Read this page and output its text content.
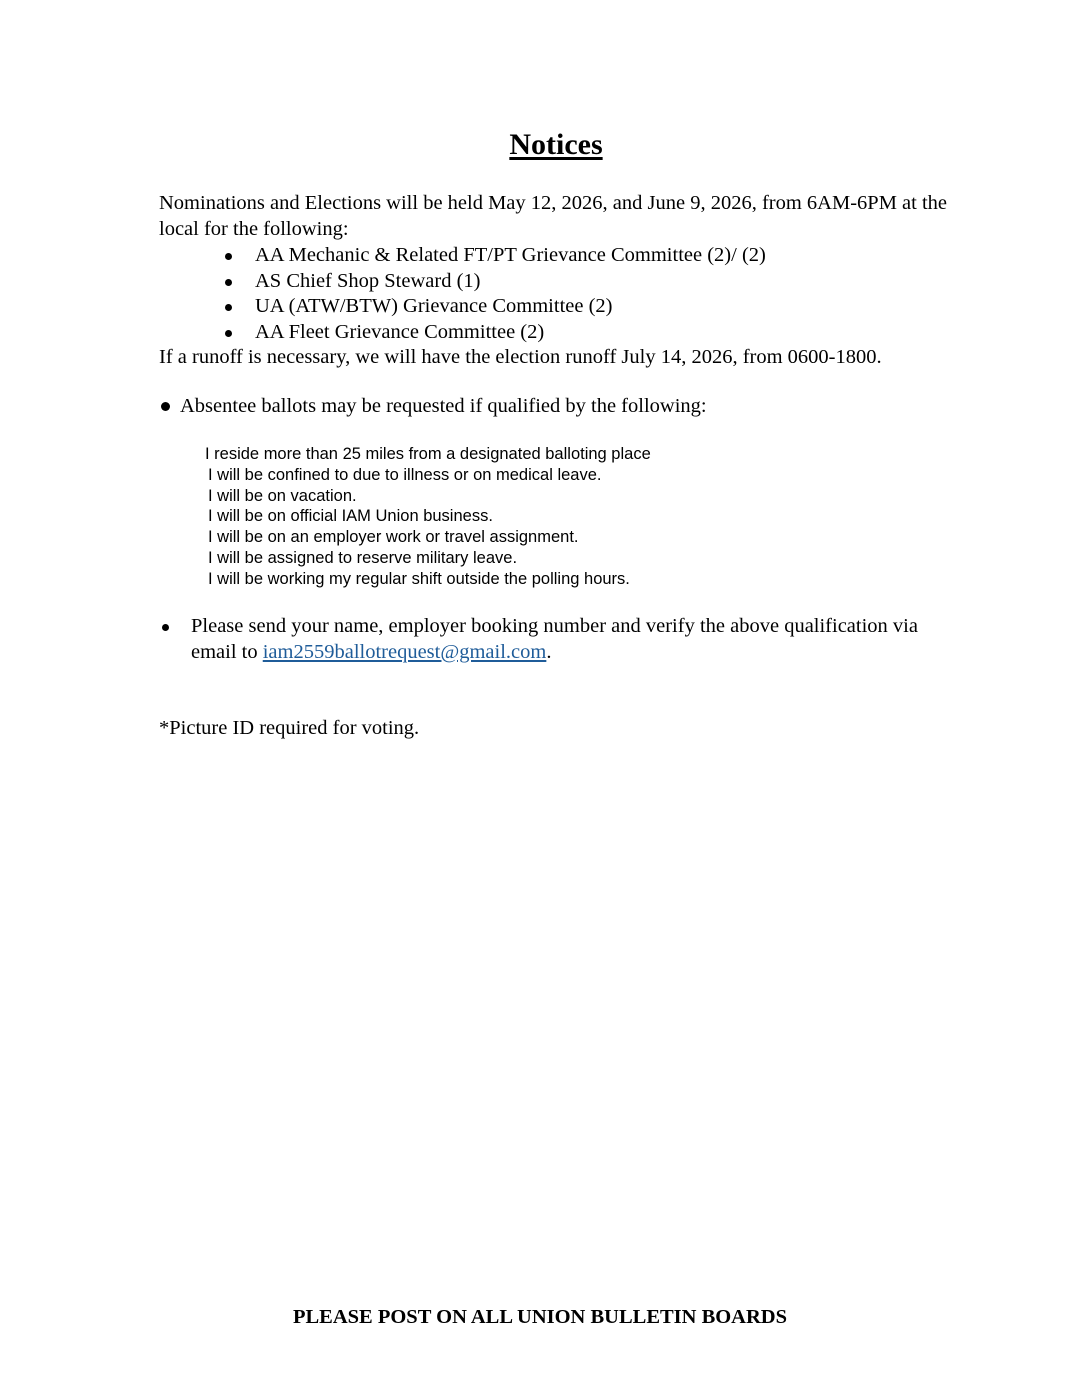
Notices
Nominations and Elections will be held May 12, 2026, and June 9, 2026, from 6AM-6PM at the local for the following:
AA Mechanic & Related FT/PT Grievance Committee (2)/ (2)
AS Chief Shop Steward (1)
UA (ATW/BTW) Grievance Committee (2)
AA Fleet Grievance Committee (2)
If a runoff is necessary, we will have the election runoff July 14, 2026, from 0600-1800.
Absentee ballots may be requested if qualified by the following:
I reside more than 25 miles from a designated balloting place
I will be confined to due to illness or on medical leave.
I will be on vacation.
I will be on official IAM Union business.
I will be on an employer work or travel assignment.
I will be assigned to reserve military leave.
I will be working my regular shift outside the polling hours.
Please send your name, employer booking number and verify the above qualification via email to iam2559ballotrequest@gmail.com.
*Picture ID required for voting.
PLEASE POST ON ALL UNION BULLETIN BOARDS
